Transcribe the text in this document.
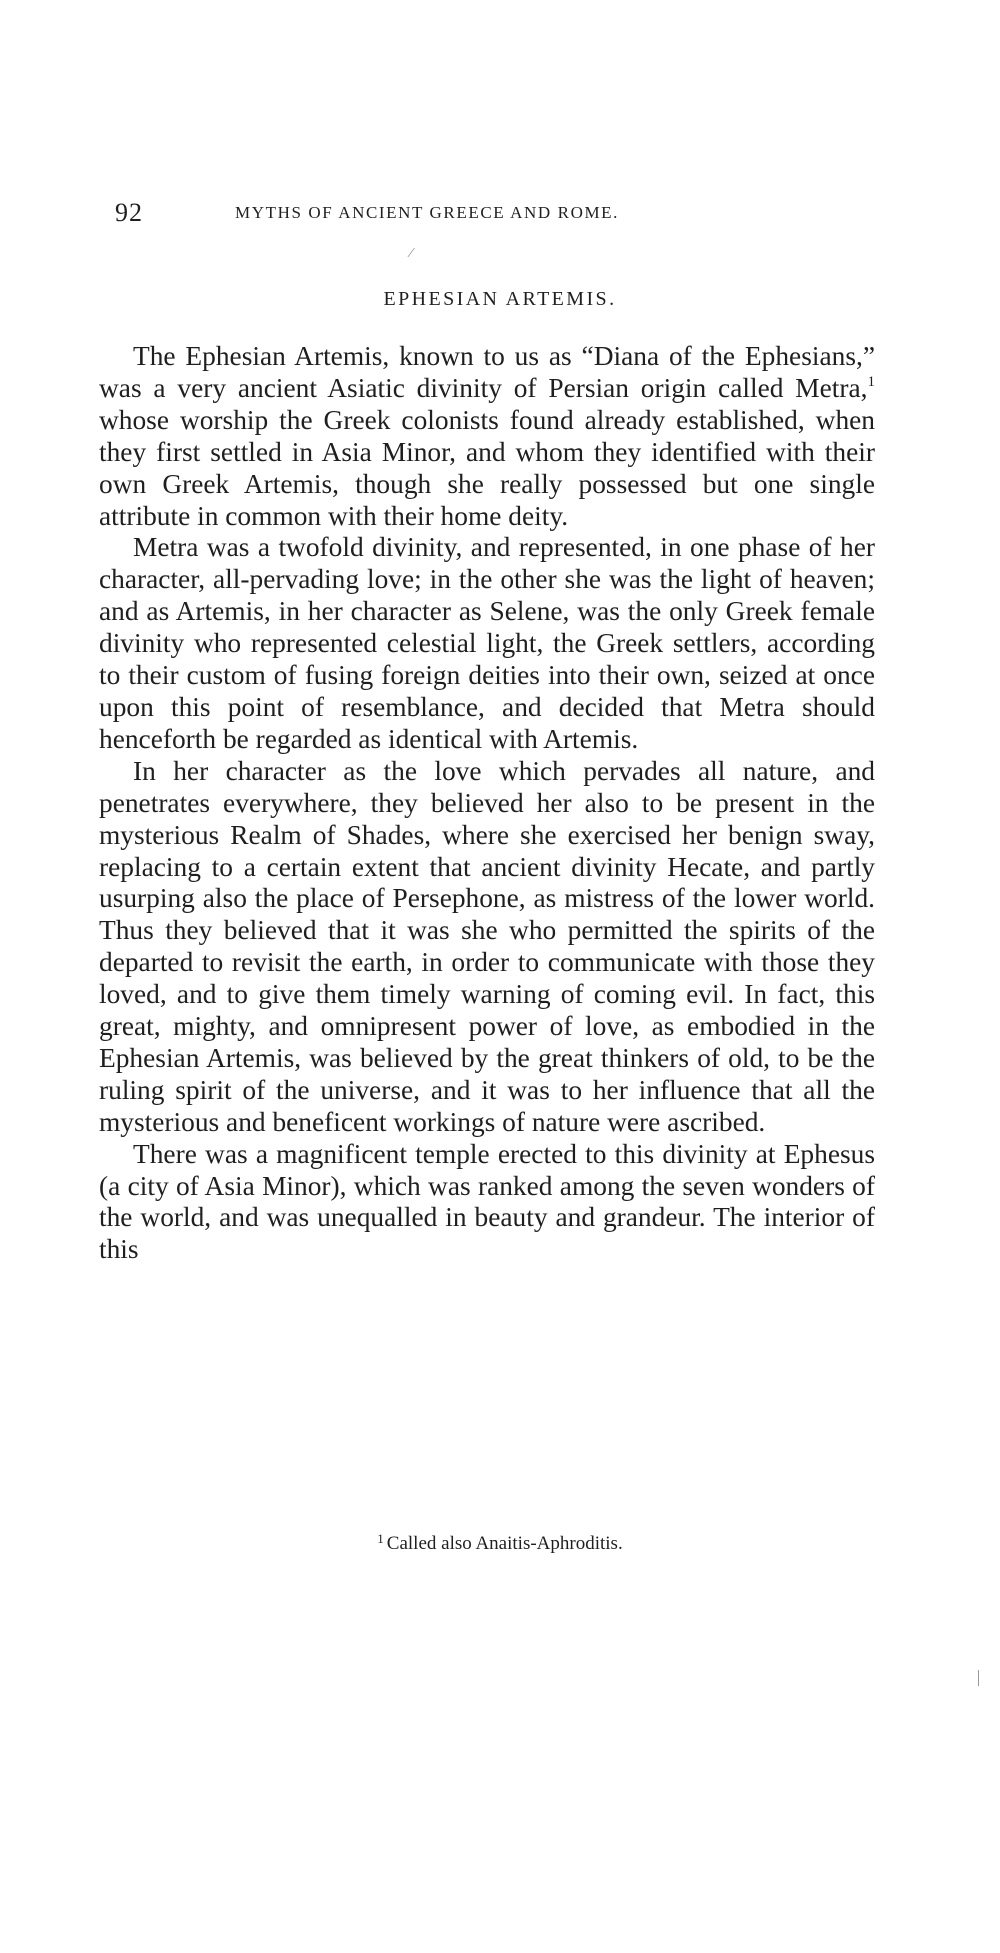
92	MYTHS OF ANCIENT GREECE AND ROME.
⁄
EPHESIAN ARTEMIS.

The Ephesian Artemis, known to us as “Diana of the Ephesians,” was a very ancient Asiatic divinity of Persian origin called Metra,$^1$ whose worship the Greek colonists found already established, when they first settled in Asia Minor, and whom they identified with their own Greek Artemis, though she really possessed but one single attribute in common with their home deity.

Metra was a twofold divinity, and represented, in one phase of her character, all-pervading love; in the other she was the light of heaven; and as Artemis, in her character as Selene, was the only Greek female divinity who represented celestial light, the Greek settlers, according to their custom of fusing foreign deities into their own, seized at once upon this point of resemblance, and decided that Metra should henceforth be regarded as identical with Artemis.

In her character as the love which pervades all nature, and penetrates everywhere, they believed her also to be present in the mysterious Realm of Shades, where she exercised her benign sway, replacing to a certain extent that ancient divinity Hecate, and partly usurping also the place of Persephone, as mistress of the lower world. Thus they believed that it was she who permitted the spirits of the departed to revisit the earth, in order to communicate with those they loved, and to give them timely warning of coming evil. In fact, this great, mighty, and omnipresent power of love, as embodied in the Ephesian Artemis, was believed by the great thinkers of old, to be the ruling spirit of the universe, and it was to her influence that all the mysterious and beneficent workings of nature were ascribed.

There was a magnificent temple erected to this divinity at Ephesus (a city of Asia Minor), which was ranked among the seven wonders of the world, and was unequalled in beauty and grandeur. The interior of this

$^1$ Called also Anaitis-Aphroditis.
